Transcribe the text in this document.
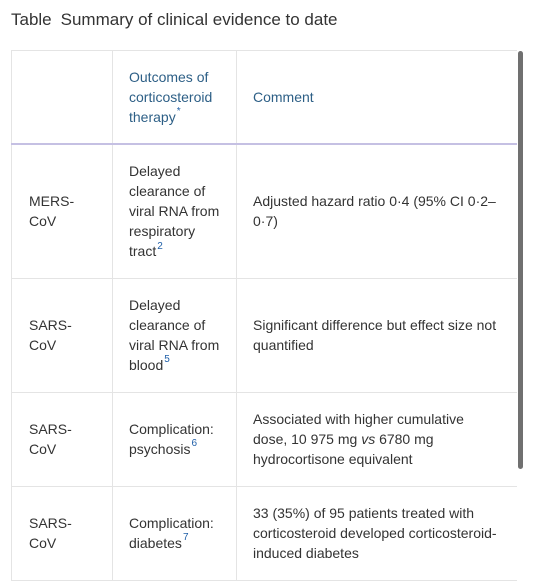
Table Summary of clinical evidence to date
	Outcomes of corticosteroid therapy*	Comment
MERS-CoV	Delayed clearance of viral RNA from respiratory tract$^2$	Adjusted hazard ratio 0·4 (95% CI 0·2–0·7)
SARS-CoV	Delayed clearance of viral RNA from blood$^5$	Significant difference but effect size not quantified
SARS-CoV	Complication: psychosis$^6$	Associated with higher cumulative dose, 10 975 mg vs 6780 mg hydrocortisone equivalent
SARS-CoV	Complication: diabetes$^7$	33 (35%) of 95 patients treated with corticosteroid developed corticosteroid-induced diabetes
